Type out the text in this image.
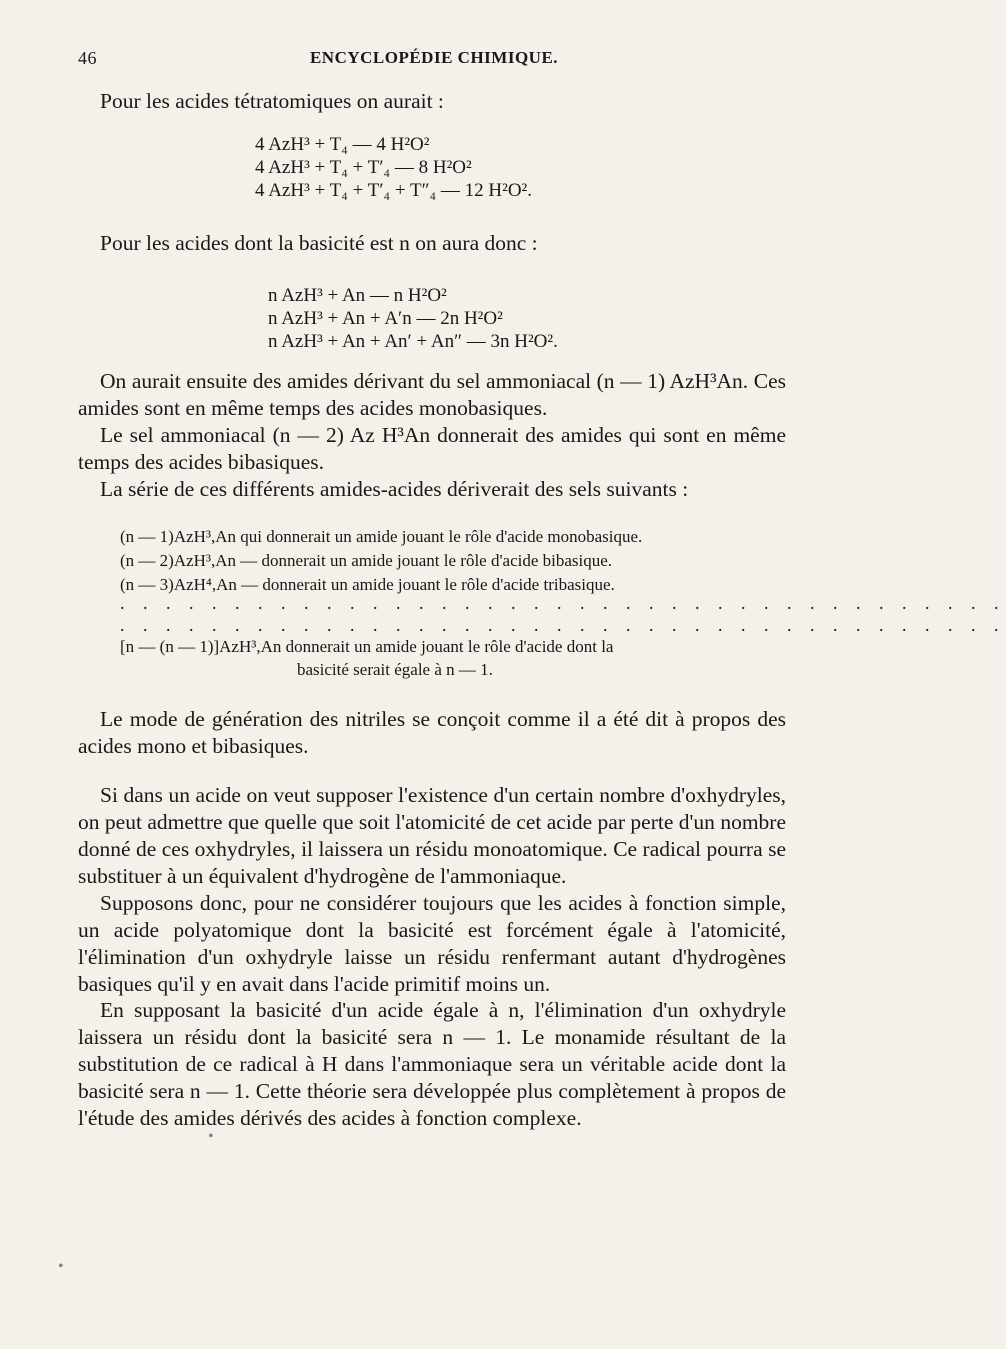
46	ENCYCLOPÉDIE CHIMIQUE.
Pour les acides tétratomiques on aurait :
4 AzH³ + T₄ — 4 H²O²
4 AzH³ + T₄ + T′₄ — 8 H²O²
4 AzH³ + T₄ + T′₄ + T″₄ — 12 H²O².
Pour les acides dont la basicité est n on aura donc :
n AzH³ + An — n H²O²
n AzH³ + An + A′n — 2n H²O²
n AzH³ + An + An′ + An″ — 3n H²O².
On aurait ensuite des amides dérivant du sel ammoniacal (n — 1) AzH³An. Ces amides sont en même temps des acides monobasiques.
Le sel ammoniacal (n — 2) Az H³An donnerait des amides qui sont en même temps des acides bibasiques.
La série de ces différents amides-acides dériverait des sels suivants :
(n — 1)AzH³,An qui donnerait un amide jouant le rôle d'acide monobasique.
(n — 2)AzH³,An — donnerait un amide jouant le rôle d'acide bibasique.
(n — 3)AzH⁴,An — donnerait un amide jouant le rôle d'acide tribasique.
. . . . . . . . . . . . . . . . . . . . . . . . . . . . . . . . . . . . . . .
. . . . . . . . . . . . . . . . . . . . . . . . . . . . . . . . . . . . . . .
[n — (n — 1)]AzH³,An donnerait un amide jouant le rôle d'acide dont la
basicité serait égale à n — 1.
Le mode de génération des nitriles se conçoit comme il a été dit à propos des acides mono et bibasiques.
Si dans un acide on veut supposer l'existence d'un certain nombre d'oxhydryles, on peut admettre que quelle que soit l'atomicité de cet acide par perte d'un nombre donné de ces oxhydryles, il laissera un résidu monoatomique. Ce radical pourra se substituer à un équivalent d'hydrogène de l'ammoniaque.
Supposons donc, pour ne considérer toujours que les acides à fonction simple, un acide polyatomique dont la basicité est forcément égale à l'atomicité, l'élimination d'un oxhydryle laisse un résidu renfermant autant d'hydrogènes basiques qu'il y en avait dans l'acide primitif moins un.
En supposant la basicité d'un acide égale à n, l'élimination d'un oxhydryle laissera un résidu dont la basicité sera n — 1. Le monamide résultant de la substitution de ce radical à H dans l'ammoniaque sera un véritable acide dont la basicité sera n — 1. Cette théorie sera développée plus complètement à propos de l'étude des amides dérivés des acides à fonction complexe.
•
•
